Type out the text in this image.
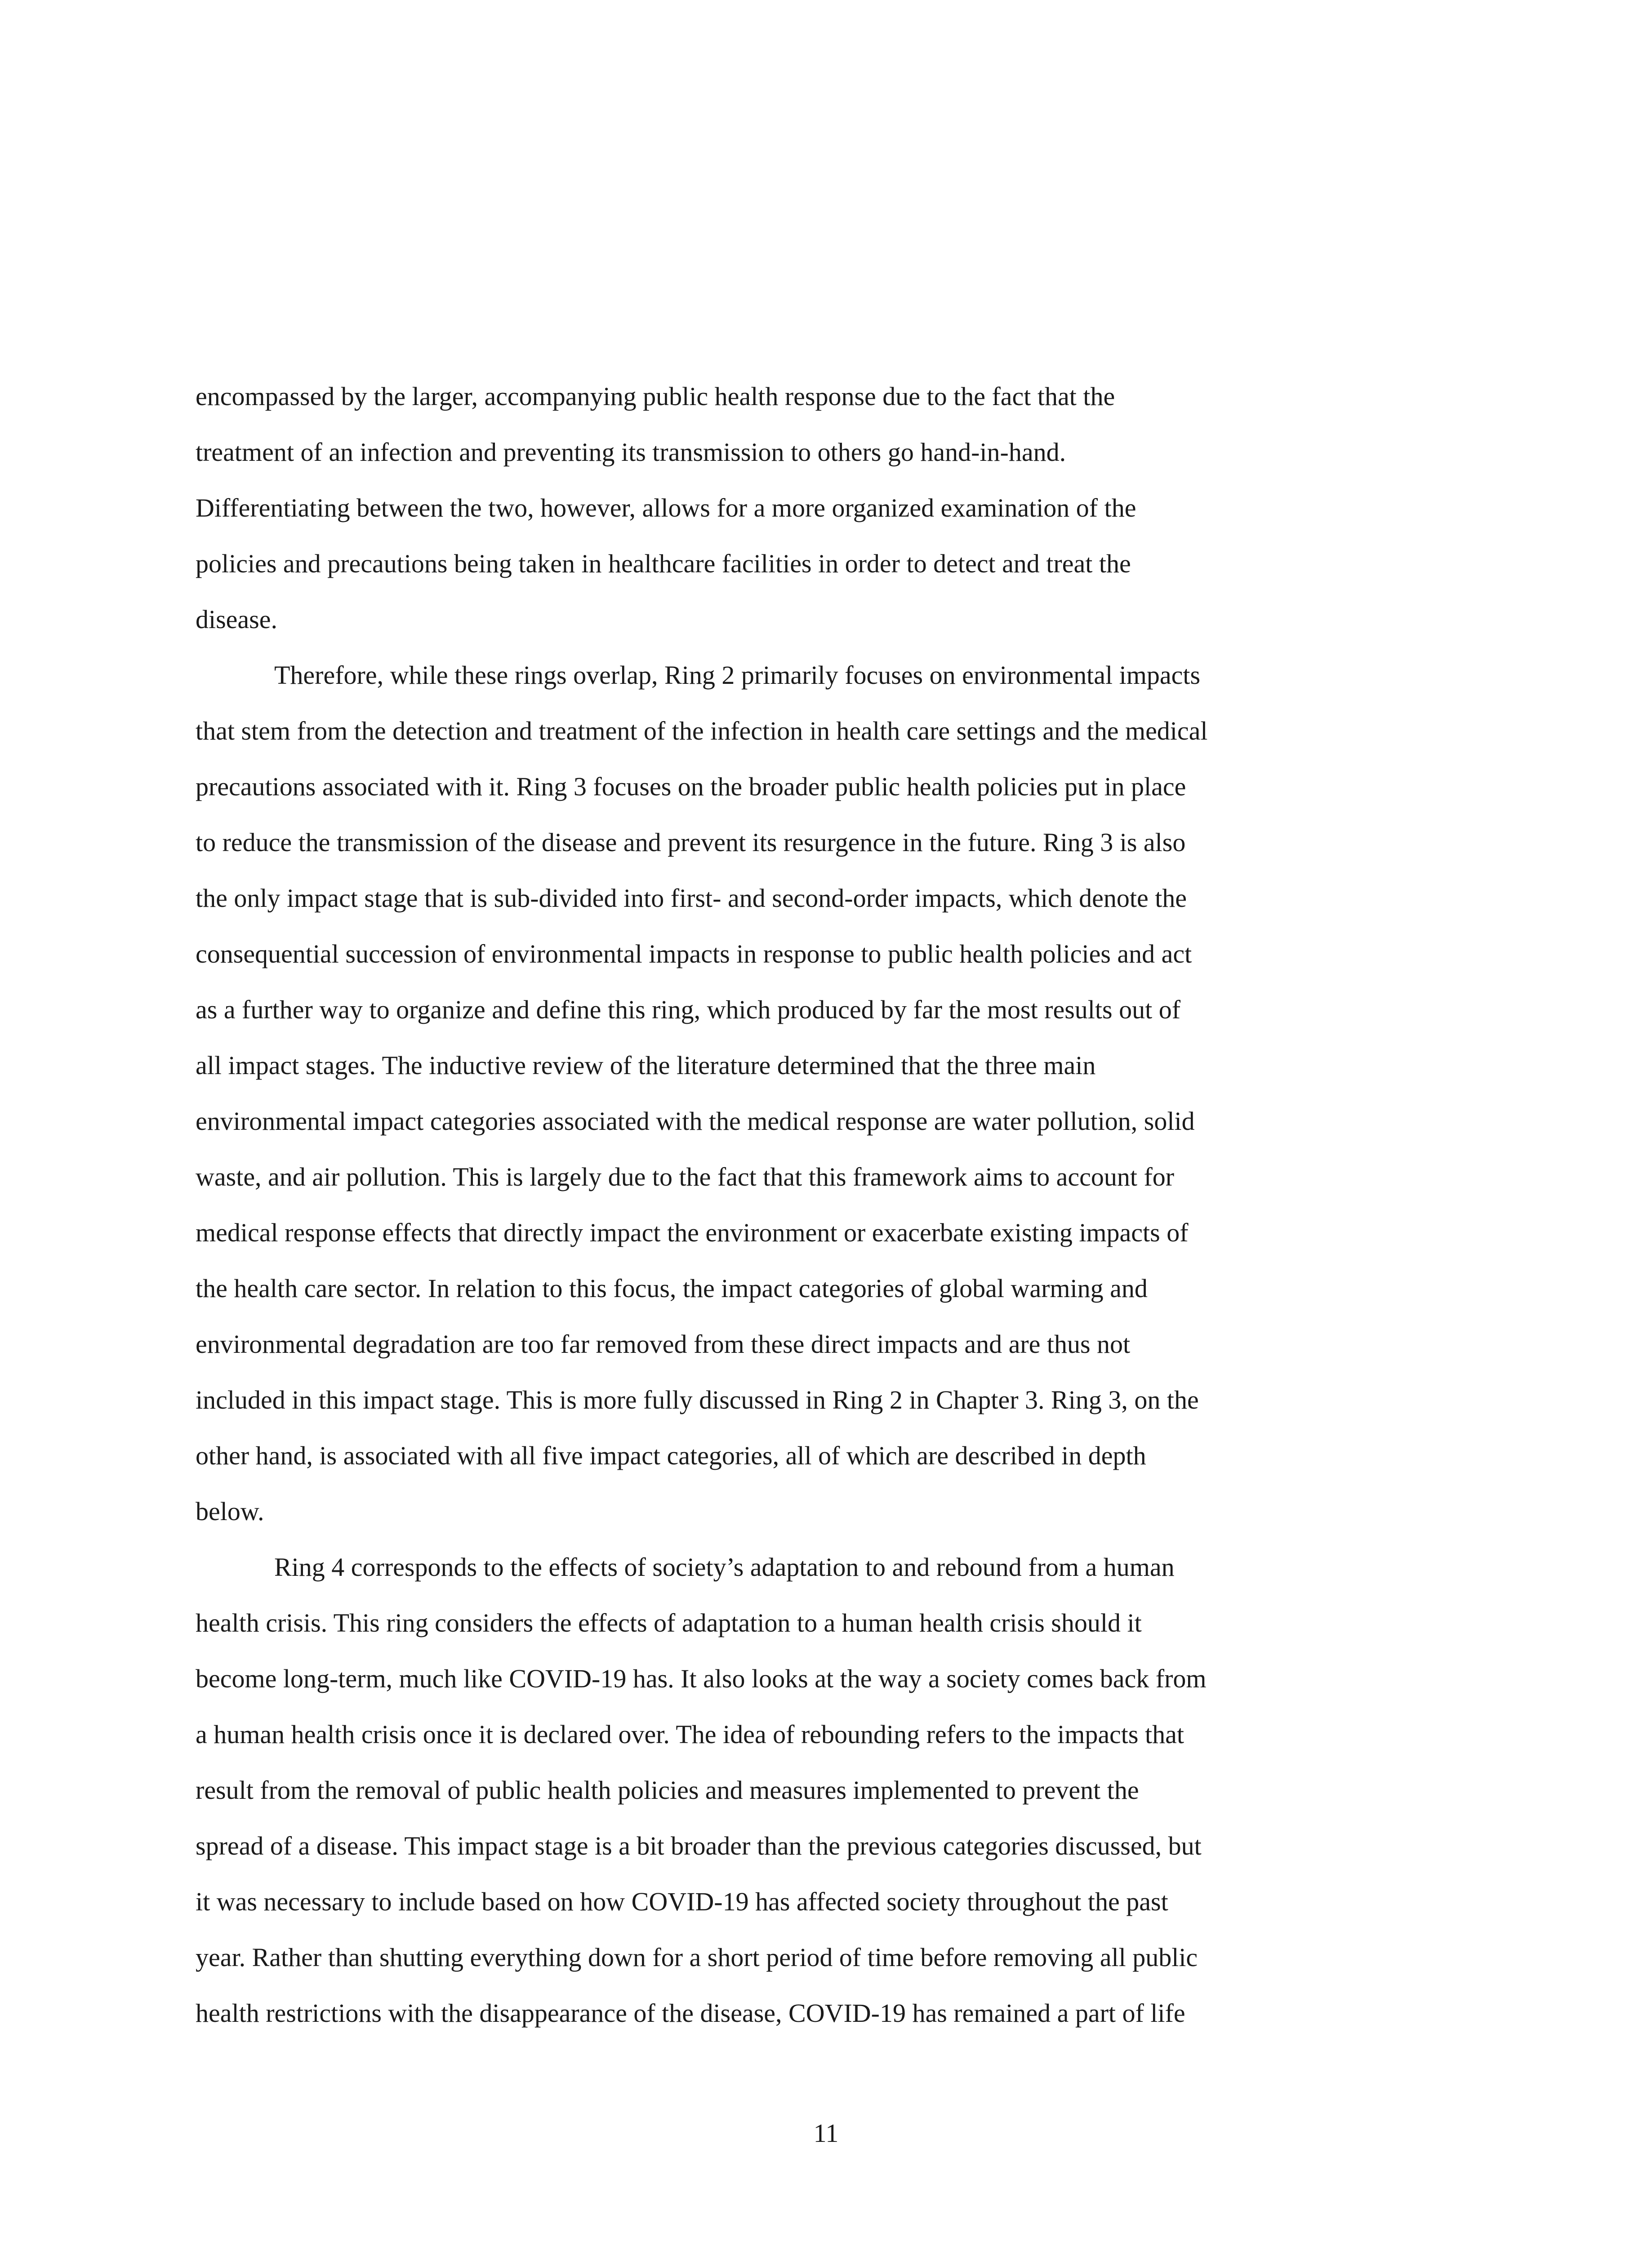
encompassed by the larger, accompanying public health response due to the fact that the
treatment of an infection and preventing its transmission to others go hand-in-hand.
Differentiating between the two, however, allows for a more organized examination of the
policies and precautions being taken in healthcare facilities in order to detect and treat the
disease.
Therefore, while these rings overlap, Ring 2 primarily focuses on environmental impacts
that stem from the detection and treatment of the infection in health care settings and the medical
precautions associated with it. Ring 3 focuses on the broader public health policies put in place
to reduce the transmission of the disease and prevent its resurgence in the future. Ring 3 is also
the only impact stage that is sub-divided into first- and second-order impacts, which denote the
consequential succession of environmental impacts in response to public health policies and act
as a further way to organize and define this ring, which produced by far the most results out of
all impact stages. The inductive review of the literature determined that the three main
environmental impact categories associated with the medical response are water pollution, solid
waste, and air pollution. This is largely due to the fact that this framework aims to account for
medical response effects that directly impact the environment or exacerbate existing impacts of
the health care sector. In relation to this focus, the impact categories of global warming and
environmental degradation are too far removed from these direct impacts and are thus not
included in this impact stage. This is more fully discussed in Ring 2 in Chapter 3. Ring 3, on the
other hand, is associated with all five impact categories, all of which are described in depth
below.
Ring 4 corresponds to the effects of society’s adaptation to and rebound from a human
health crisis. This ring considers the effects of adaptation to a human health crisis should it
become long-term, much like COVID-19 has. It also looks at the way a society comes back from
a human health crisis once it is declared over. The idea of rebounding refers to the impacts that
result from the removal of public health policies and measures implemented to prevent the
spread of a disease. This impact stage is a bit broader than the previous categories discussed, but
it was necessary to include based on how COVID-19 has affected society throughout the past
year. Rather than shutting everything down for a short period of time before removing all public
health restrictions with the disappearance of the disease, COVID-19 has remained a part of life
11
